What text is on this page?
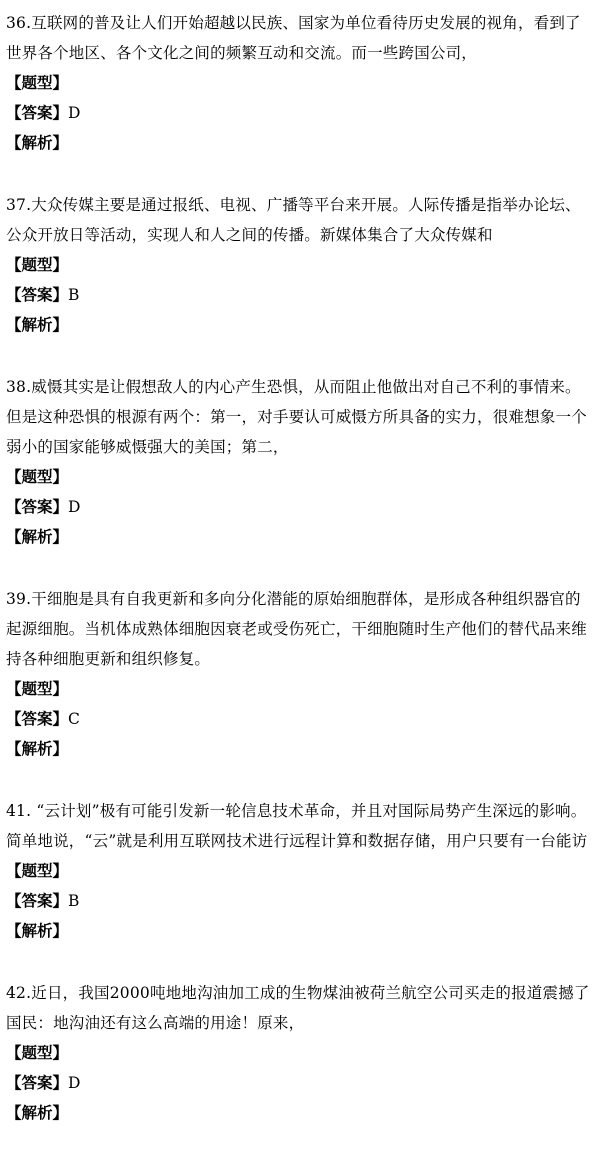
36.互联网的普及让人们开始超越以民族、国家为单位看待历史发展的视角，看到了世界各个地区、各个文化之间的频繁互动和交流。而一些跨国公司，

【题型】

【答案】D

【解析】

37.大众传媒主要是通过报纸、电视、广播等平台来开展。人际传播是指举办论坛、公众开放日等活动，实现人和人之间的传播。新媒体集合了大众传媒和

【题型】

【答案】B

【解析】

38.威慑其实是让假想敌人的内心产生恐惧，从而阻止他做出对自己不利的事情来。但是这种恐惧的根源有两个：第一，对手要认可威慑方所具备的实力，很难想象一个弱小的国家能够威慑强大的美国；第二，

【题型】

【答案】D

【解析】

39.干细胞是具有自我更新和多向分化潜能的原始细胞群体，是形成各种组织器官的起源细胞。当机体成熟体细胞因衰老或受伤死亡，干细胞随时生产他们的替代品来维持各种细胞更新和组织修复。

【题型】

【答案】C

【解析】

41. “云计划”极有可能引发新一轮信息技术革命，并且对国际局势产生深远的影响。简单地说，“云”就是利用互联网技术进行远程计算和数据存储，用户只要有一台能访

【题型】

【答案】B

【解析】

42.近日，我国2000吨地地沟油加工成的生物煤油被荷兰航空公司买走的报道震撼了国民：地沟油还有这么高端的用途！原来，

【题型】

【答案】D

【解析】
